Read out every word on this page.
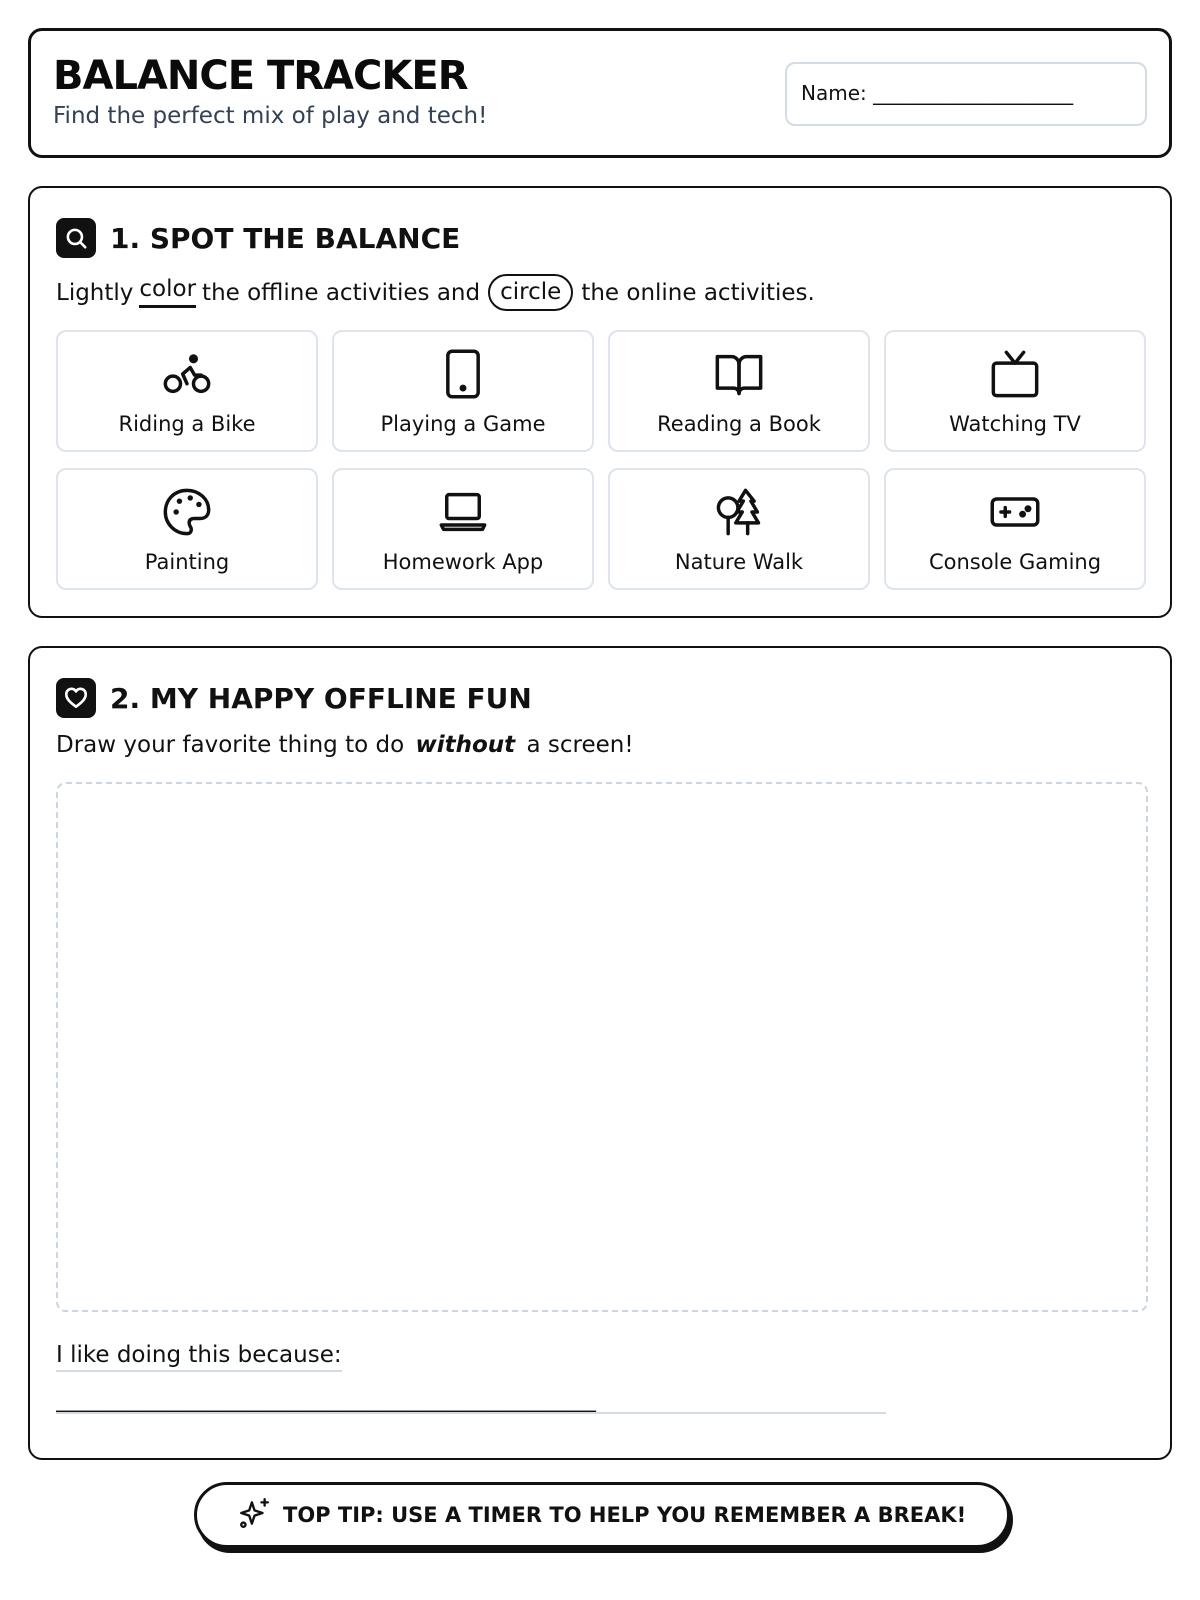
BALANCE TRACKER
Find the perfect mix of play and tech!
Name: ____________________
1. SPOT THE BALANCE
Lightly color the offline activities and circle the online activities.
Riding a Bike	Playing a Game	Reading a Book	Watching TV
Painting	Homework App	Nature Walk	Console Gaming
2. MY HAPPY OFFLINE FUN
Draw your favorite thing to do without a screen!
I like doing this because:
______________________________________________________
TOP TIP: USE A TIMER TO HELP YOU REMEMBER A BREAK!
